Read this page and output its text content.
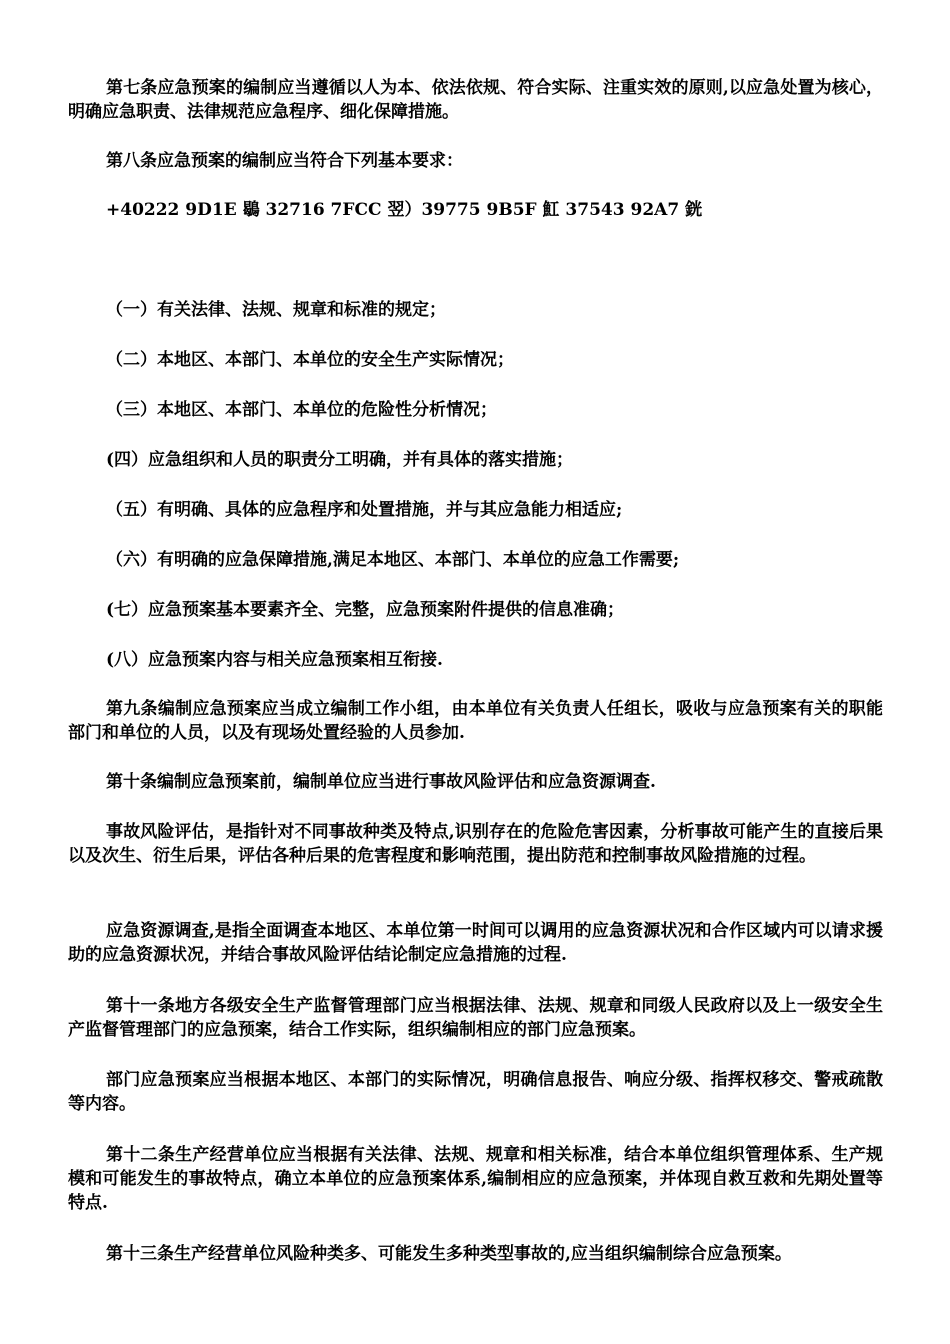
第七条应急预案的编制应当遵循以人为本、依法依规、符合实际、注重实效的原则,以应急处置为核心，明确应急职责、法律规范应急程序、细化保障措施。

第八条应急预案的编制应当符合下列基本要求：

+40222 9D1E 鶡 32716 7FCC 翌）39775 9B5F 魟 37543 92A7 銧

（一）有关法律、法规、规章和标准的规定；

（二）本地区、本部门、本单位的安全生产实际情况；

（三）本地区、本部门、本单位的危险性分析情况；

(四）应急组织和人员的职责分工明确，并有具体的落实措施；

（五）有明确、具体的应急程序和处置措施，并与其应急能力相适应;

（六）有明确的应急保障措施,满足本地区、本部门、本单位的应急工作需要;

(七）应急预案基本要素齐全、完整，应急预案附件提供的信息准确；

(八）应急预案内容与相关应急预案相互衔接.

第九条编制应急预案应当成立编制工作小组，由本单位有关负责人任组长，吸收与应急预案有关的职能部门和单位的人员，以及有现场处置经验的人员参加.

第十条编制应急预案前，编制单位应当进行事故风险评估和应急资源调查.

事故风险评估，是指针对不同事故种类及特点,识别存在的危险危害因素，分析事故可能产生的直接后果以及次生、衍生后果，评估各种后果的危害程度和影响范围，提出防范和控制事故风险措施的过程。

应急资源调查,是指全面调查本地区、本单位第一时间可以调用的应急资源状况和合作区域内可以请求援助的应急资源状况，并结合事故风险评估结论制定应急措施的过程.

第十一条地方各级安全生产监督管理部门应当根据法律、法规、规章和同级人民政府以及上一级安全生产监督管理部门的应急预案，结合工作实际，组织编制相应的部门应急预案。

部门应急预案应当根据本地区、本部门的实际情况，明确信息报告、响应分级、指挥权移交、警戒疏散等内容。

第十二条生产经营单位应当根据有关法律、法规、规章和相关标准，结合本单位组织管理体系、生产规模和可能发生的事故特点，确立本单位的应急预案体系,编制相应的应急预案，并体现自救互救和先期处置等特点.

第十三条生产经营单位风险种类多、可能发生多种类型事故的,应当组织编制综合应急预案。
